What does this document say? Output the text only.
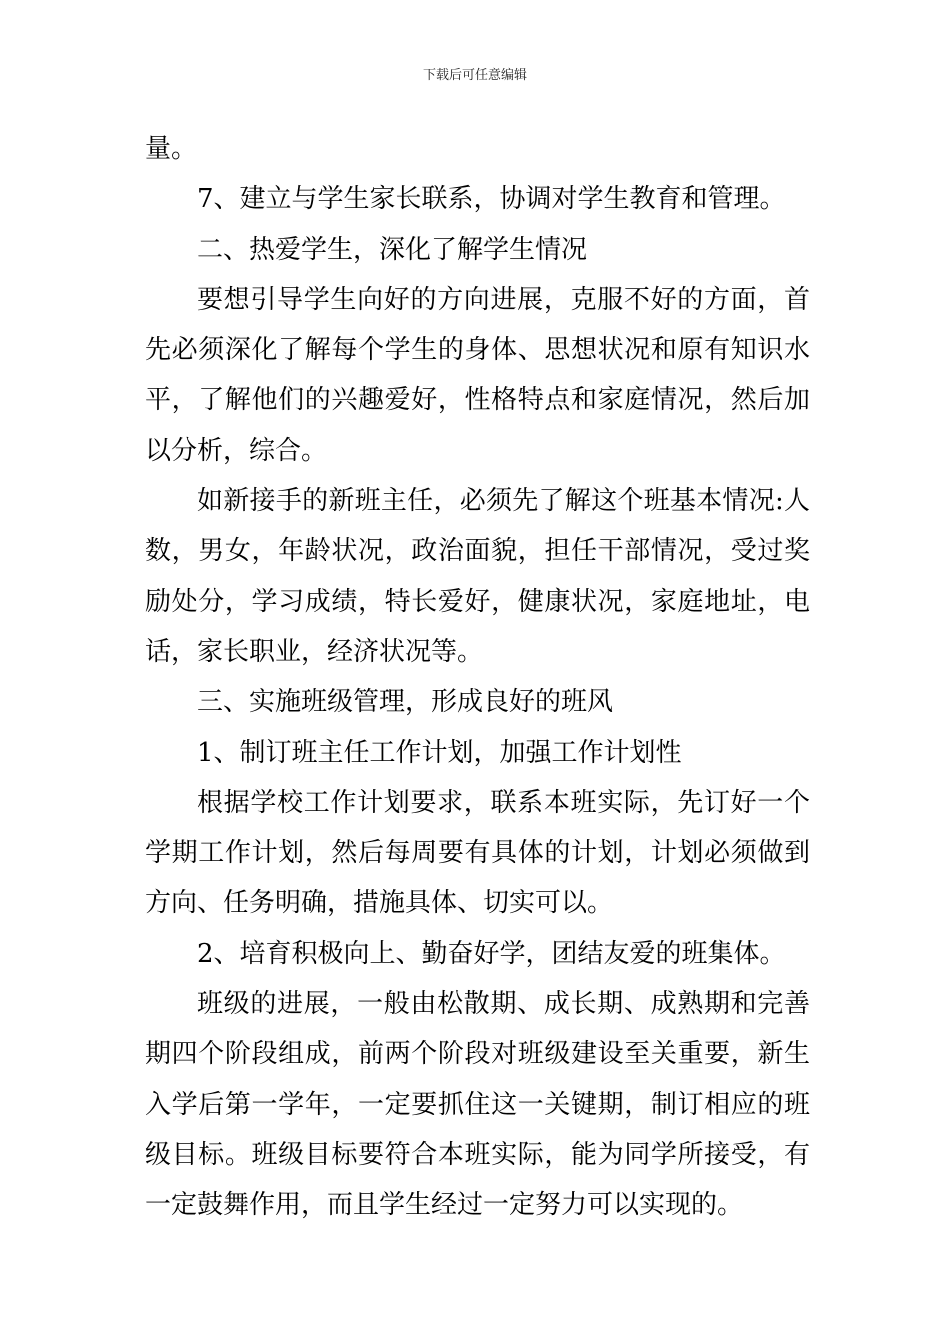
下载后可任意编辑

量。

7、建立与学生家长联系，协调对学生教育和管理。

二、热爱学生，深化了解学生情况

要想引导学生向好的方向进展，克服不好的方面，首先必须深化了解每个学生的身体、思想状况和原有知识水平，了解他们的兴趣爱好，性格特点和家庭情况，然后加以分析，综合。

如新接手的新班主任，必须先了解这个班基本情况:人数，男女，年龄状况，政治面貌，担任干部情况，受过奖励处分，学习成绩，特长爱好，健康状况，家庭地址，电话，家长职业，经济状况等。

三、实施班级管理，形成良好的班风

1、制订班主任工作计划，加强工作计划性

根据学校工作计划要求，联系本班实际，先订好一个学期工作计划，然后每周要有具体的计划，计划必须做到方向、任务明确，措施具体、切实可以。

2、培育积极向上、勤奋好学，团结友爱的班集体。

班级的进展，一般由松散期、成长期、成熟期和完善期四个阶段组成，前两个阶段对班级建设至关重要，新生入学后第一学年，一定要抓住这一关键期，制订相应的班级目标。班级目标要符合本班实际，能为同学所接受，有一定鼓舞作用，而且学生经过一定努力可以实现的。
